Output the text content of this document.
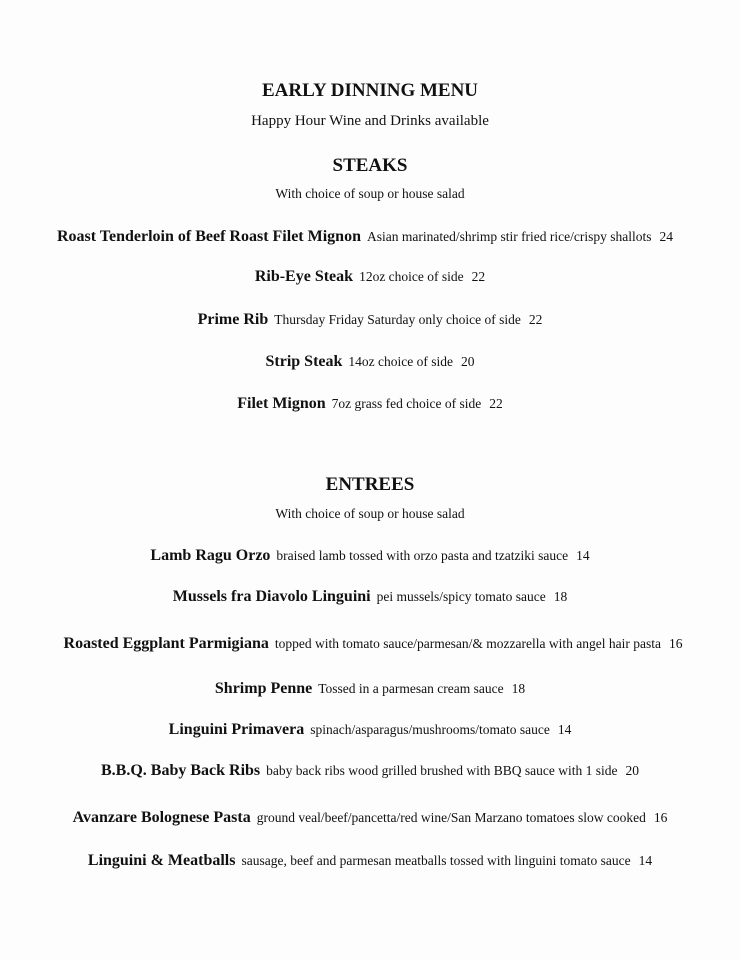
EARLY DINNING MENU
Happy Hour Wine and Drinks available
STEAKS
With choice of soup or house salad
Roast Tenderloin of Beef Roast Filet Mignon Asian marinated/shrimp stir fried rice/crispy shallots 24
Rib-Eye Steak 12oz choice of side 22
Prime Rib Thursday Friday Saturday only choice of side 22
Strip Steak 14oz choice of side 20
Filet Mignon 7oz grass fed choice of side 22
ENTREES
With choice of soup or house salad
Lamb Ragu Orzo braised lamb tossed with orzo pasta and tzatziki sauce 14
Mussels fra Diavolo Linguini pei mussels/spicy tomato sauce 18
Roasted Eggplant Parmigiana topped with tomato sauce/parmesan/& mozzarella with angel hair pasta 16
Shrimp Penne Tossed in a parmesan cream sauce 18
Linguini Primavera spinach/asparagus/mushrooms/tomato sauce 14
B.B.Q. Baby Back Ribs baby back ribs wood grilled brushed with BBQ sauce with 1 side 20
Avanzare Bolognese Pasta ground veal/beef/pancetta/red wine/San Marzano tomatoes slow cooked 16
Linguini & Meatballs sausage, beef and parmesan meatballs tossed with linguini tomato sauce 14
